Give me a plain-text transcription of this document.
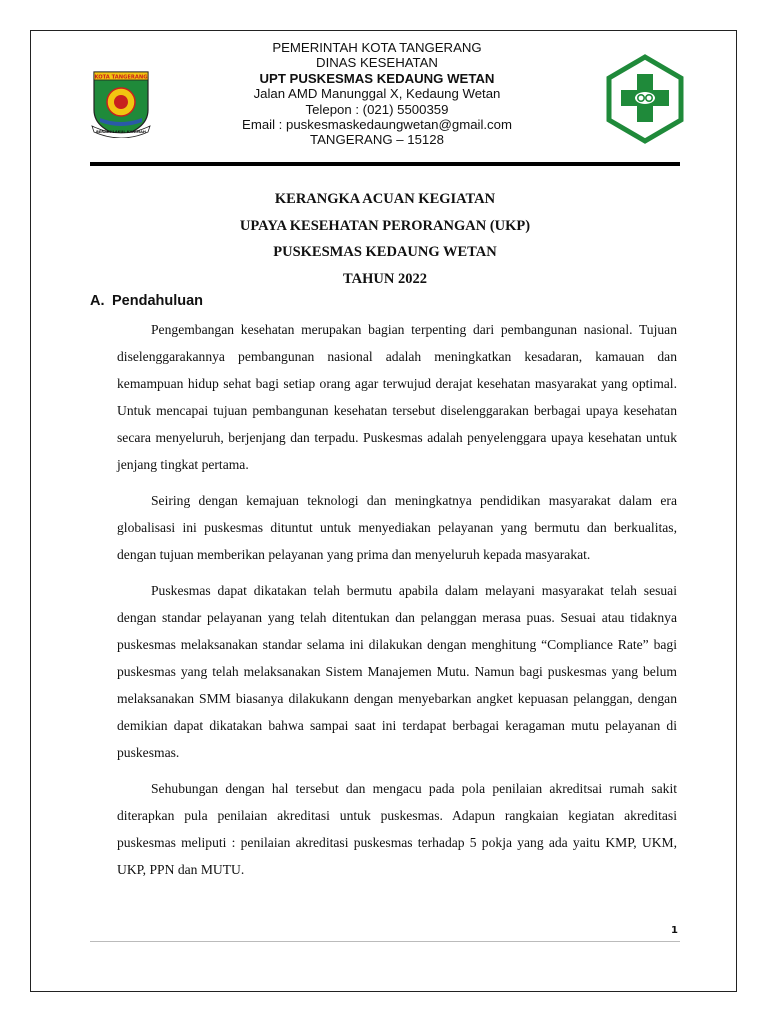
KOTA TANGERANG
BERAKHLAKUL KARIMAH
PEMERINTAH KOTA TANGERANG
DINAS KESEHATAN
UPT PUSKESMAS KEDAUNG WETAN
Jalan AMD Manunggal X, Kedaung Wetan
Telepon : (021) 5500359
Email : puskesmaskedaungwetan@gmail.com
TANGERANG – 15128
KERANGKA ACUAN KEGIATAN
UPAYA KESEHATAN PERORANGAN (UKP)
PUSKESMAS KEDAUNG WETAN
TAHUN 2022
A. Pendahuluan

Pengembangan kesehatan merupakan bagian terpenting dari pembangunan nasional. Tujuan diselenggarakannya pembangunan nasional adalah meningkatkan kesadaran, kamauan dan kemampuan hidup sehat bagi setiap orang agar terwujud derajat kesehatan masyarakat yang optimal. Untuk mencapai tujuan pembangunan kesehatan tersebut diselenggarakan berbagai upaya kesehatan secara menyeluruh, berjenjang dan terpadu. Puskesmas adalah penyelenggara upaya kesehatan untuk jenjang tingkat pertama.

Seiring dengan kemajuan teknologi dan meningkatnya pendidikan masyarakat dalam era globalisasi ini puskesmas dituntut untuk menyediakan pelayanan yang bermutu dan berkualitas, dengan tujuan memberikan pelayanan yang prima dan menyeluruh kepada masyarakat.

Puskesmas dapat dikatakan telah bermutu apabila dalam melayani masyarakat telah sesuai dengan standar pelayanan yang telah ditentukan dan pelanggan merasa puas. Sesuai atau tidaknya puskesmas melaksanakan standar selama ini dilakukan dengan menghitung “Compliance Rate” bagi puskesmas yang telah melaksanakan Sistem Manajemen Mutu. Namun bagi puskesmas yang belum melaksanakan SMM biasanya dilakukann dengan menyebarkan angket kepuasan pelanggan, dengan demikian dapat dikatakan bahwa sampai saat ini terdapat berbagai keragaman mutu pelayanan di puskesmas.

Sehubungan dengan hal tersebut dan mengacu pada pola penilaian akreditsai rumah sakit diterapkan pula penilaian akreditasi untuk puskesmas. Adapun rangkaian kegiatan akreditasi puskesmas meliputi : penilaian akreditasi puskesmas terhadap 5 pokja yang ada yaitu KMP, UKM, UKP, PPN dan MUTU.

1
